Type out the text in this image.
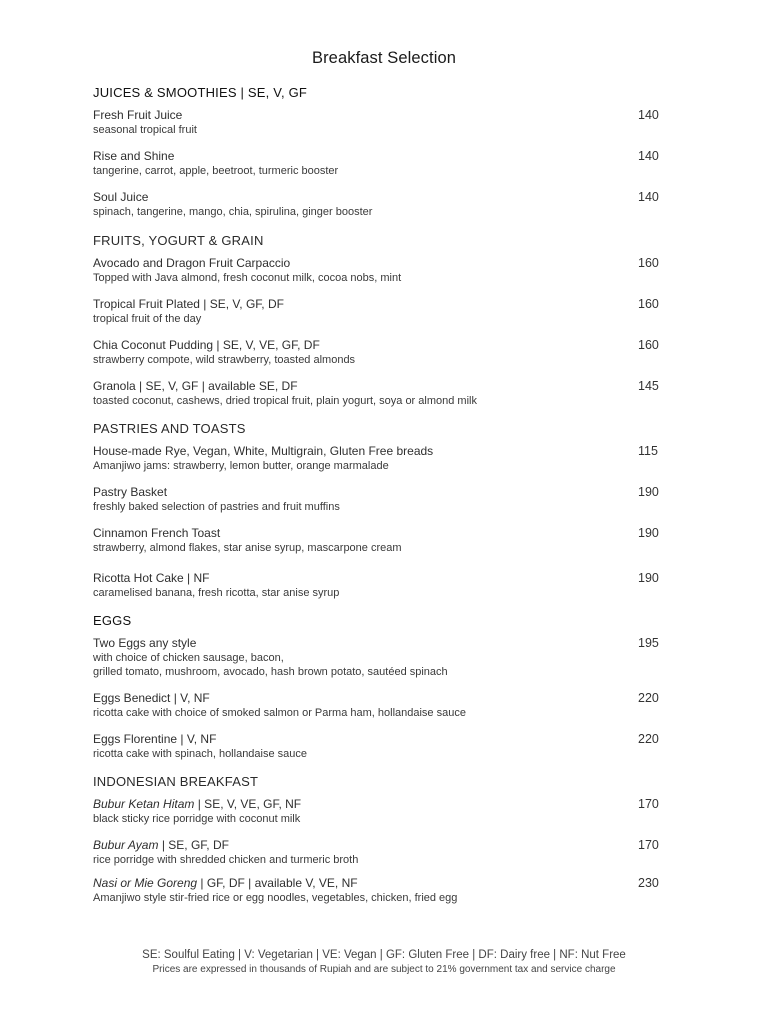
Breakfast Selection
JUICES & SMOOTHIES | SE, V, GF
Fresh Fruit Juice
seasonal tropical fruit
140
Rise and Shine
tangerine, carrot, apple, beetroot, turmeric booster
140
Soul Juice
spinach, tangerine, mango, chia, spirulina, ginger booster
140
FRUITS, YOGURT & GRAIN
Avocado and Dragon Fruit Carpaccio
Topped with Java almond, fresh coconut milk, cocoa nobs, mint
160
Tropical Fruit Plated | SE, V, GF, DF
tropical fruit of the day
160
Chia Coconut Pudding | SE, V, VE, GF, DF
strawberry compote, wild strawberry, toasted almonds
160
Granola | SE, V, GF | available SE, DF
toasted coconut, cashews, dried tropical fruit, plain yogurt, soya or almond milk
145
PASTRIES AND TOASTS
House-made Rye, Vegan, White, Multigrain, Gluten Free breads
Amanjiwo jams: strawberry, lemon butter, orange marmalade
115
Pastry Basket
freshly baked selection of pastries and fruit muffins
190
Cinnamon French Toast
strawberry, almond flakes, star anise syrup, mascarpone cream
190
Ricotta Hot Cake | NF
caramelised banana, fresh ricotta, star anise syrup
190
EGGS
Two Eggs any style
with choice of chicken sausage, bacon,
grilled tomato, mushroom, avocado, hash brown potato, sautéed spinach
195
Eggs Benedict | V, NF
ricotta cake with choice of smoked salmon or Parma ham, hollandaise sauce
220
Eggs Florentine | V, NF
ricotta cake with spinach, hollandaise sauce
220
INDONESIAN BREAKFAST
Bubur Ketan Hitam | SE, V, VE, GF, NF
black sticky rice porridge with coconut milk
170
Bubur Ayam | SE, GF, DF
rice porridge with shredded chicken and turmeric broth
170
Nasi or Mie Goreng | GF, DF | available V, VE, NF
Amanjiwo style stir-fried rice or egg noodles, vegetables, chicken, fried egg
230
SE: Soulful Eating | V: Vegetarian | VE: Vegan | GF: Gluten Free | DF: Dairy free | NF: Nut Free
Prices are expressed in thousands of Rupiah and are subject to 21% government tax and service charge
